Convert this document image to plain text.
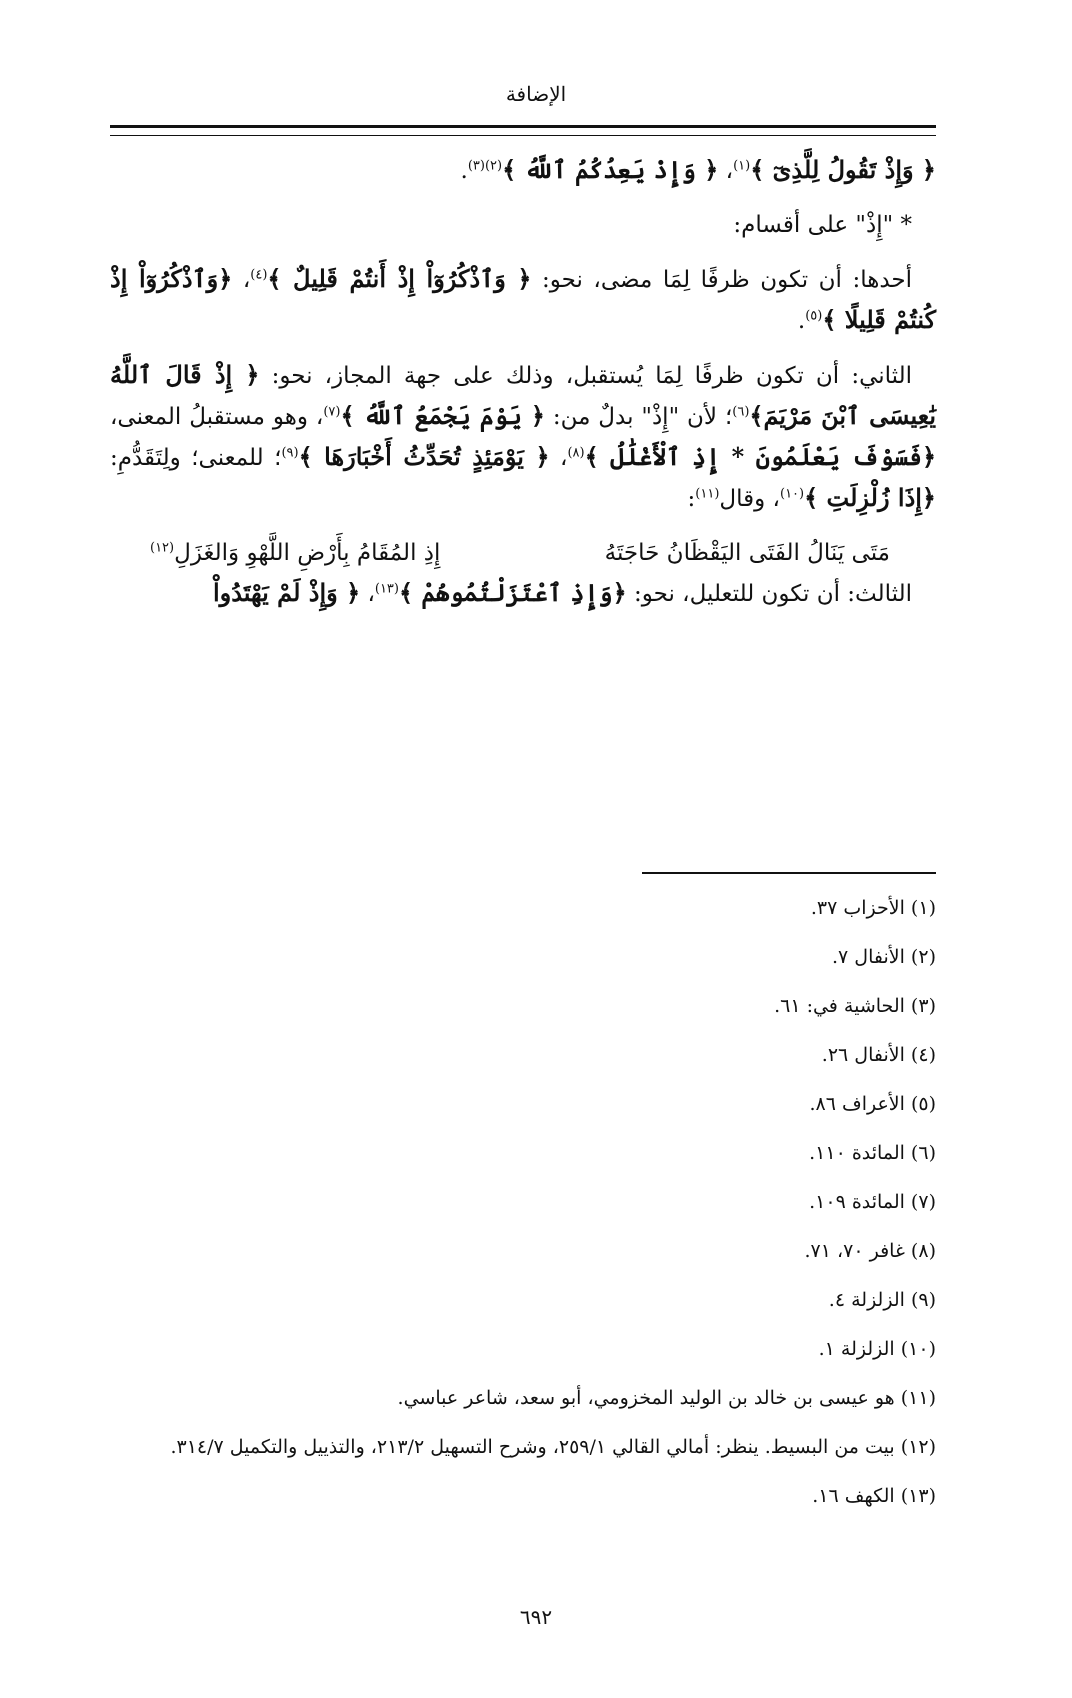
الإضافة

﴿ وَإِذْ تَقُولُ لِلَّذِىٓ ﴾$^{(١)}$، ﴿ وَإِذْ يَعِدُكُمُ ٱللَّهُ ﴾$^{(٢)(٣)}$.

* "إِذْ" على أقسام:

أحدها: أن تكون ظرفًا لِمَا مضى، نحو: ﴿ وَٱذْكُرُوٓاْ إِذْ أَنتُمْ قَلِيلٌ ﴾$^{(٤)}$، ﴿وَٱذْكُرُوٓاْ إِذْ كُنتُمْ قَلِيلًا ﴾$^{(٥)}$.

الثاني: أن تكون ظرفًا لِمَا يُستقبل، وذلك على جهة المجاز، نحو: ﴿ إِذْ قَالَ ٱللَّهُ يَٰعِيسَى ٱبْنَ مَرْيَمَ﴾$^{(٦)}$؛ لأن "إِذْ" بدلٌ من: ﴿ يَوْمَ يَجْمَعُ ٱللَّهُ ﴾$^{(٧)}$، وهو مستقبلُ المعنى، ﴿فَسَوْفَ يَعْلَمُونَ * إِذِ ٱلْأَغْلَٰلُ ﴾$^{(٨)}$، ﴿ يَوْمَئِذٍ تُحَدِّثُ أَخْبَارَهَا ﴾$^{(٩)}$؛ للمعنى؛ ولِتَقَدُّمِ: ﴿إِذَا زُلْزِلَتِ ﴾$^{(١٠)}$، وقال$^{(١١)}$:

مَتَى يَنَالُ الفَتَى اليَقْظَانُ حَاجَتَهُ
إِذِ المُقَامُ بِأَرْضِ اللَّهْوِ وَالغَزَلِ$^{(١٢)}$

الثالث: أن تكون للتعليل، نحو: ﴿وَإِذِ ٱعْتَزَلْتُمُوهُمْ ﴾$^{(١٣)}$، ﴿ وَإِذْ لَمْ يَهْتَدُواْ

(١) الأحزاب ٣٧.
(٢) الأنفال ٧.
(٣) الحاشية في: ٦١.
(٤) الأنفال ٢٦.
(٥) الأعراف ٨٦.
(٦) المائدة ١١٠.
(٧) المائدة ١٠٩.
(٨) غافر ٧٠، ٧١.
(٩) الزلزلة ٤.
(١٠) الزلزلة ١.
(١١) هو عيسى بن خالد بن الوليد المخزومي، أبو سعد، شاعر عباسي.
(١٢) بيت من البسيط. ينظر: أمالي القالي ٢٥٩/١، وشرح التسهيل ٢١٣/٢، والتذييل والتكميل ٣١٤/٧.
(١٣) الكهف ١٦.
٦٩٢
